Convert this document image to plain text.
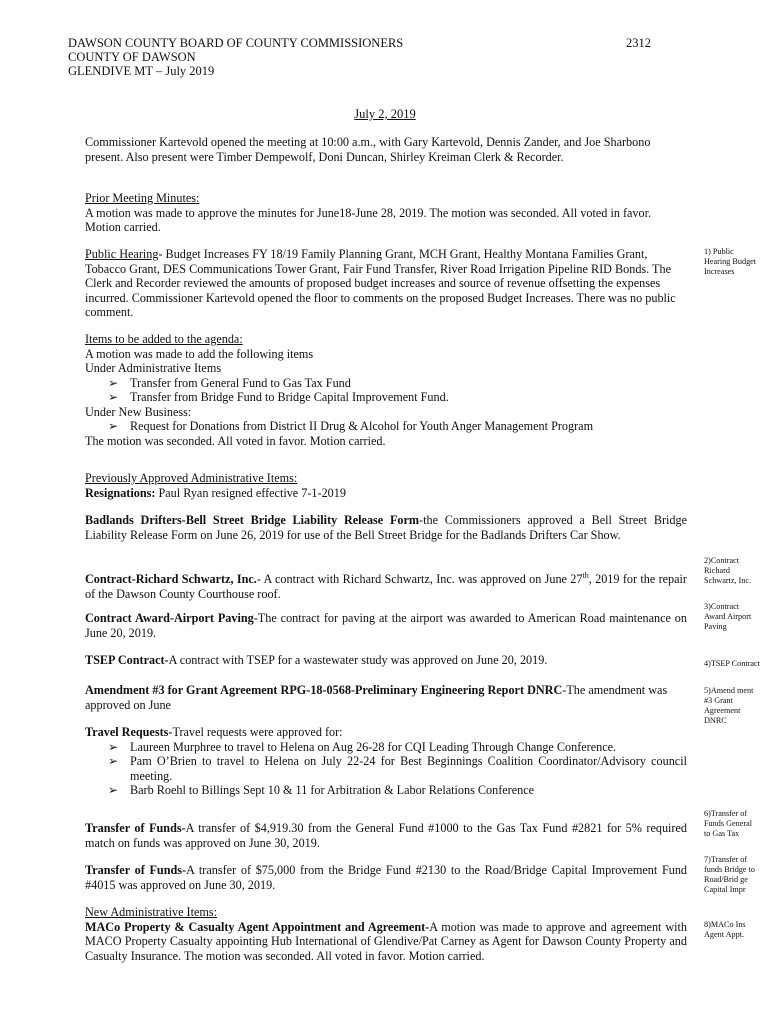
DAWSON COUNTY BOARD OF COUNTY COMMISSIONERS
COUNTY OF DAWSON
GLENDIVE MT – July 2019
2312
July 2, 2019

Commissioner Kartevold opened the meeting at 10:00 a.m., with Gary Kartevold, Dennis Zander, and Joe Sharbono present. Also present were Timber Dempewolf, Doni Duncan, Shirley Kreiman Clerk & Recorder.

Prior Meeting Minutes:

A motion was made to approve the minutes for June18-June 28, 2019. The motion was seconded. All voted in favor. Motion carried.

Public Hearing- Budget Increases FY 18/19 Family Planning Grant, MCH Grant, Healthy Montana Families Grant, Tobacco Grant, DES Communications Tower Grant, Fair Fund Transfer, River Road Irrigation Pipeline RID Bonds. The Clerk and Recorder reviewed the amounts of proposed budget increases and source of revenue offsetting the expenses incurred. Commissioner Kartevold opened the floor to comments on the proposed Budget Increases. There was no public comment.

Items to be added to the agenda:

A motion was made to add the following items

Under Administrative Items

➢ Transfer from General Fund to Gas Tax Fund

➢ Transfer from Bridge Fund to Bridge Capital Improvement Fund.

Under New Business:

➢ Request for Donations from District II Drug & Alcohol for Youth Anger Management Program

The motion was seconded. All voted in favor. Motion carried.

Previously Approved Administrative Items:

Resignations: Paul Ryan resigned effective 7-1-2019

Badlands Drifters-Bell Street Bridge Liability Release Form-the Commissioners approved a Bell Street Bridge Liability Release Form on June 26, 2019 for use of the Bell Street Bridge for the Badlands Drifters Car Show.

Contract-Richard Schwartz, Inc.- A contract with Richard Schwartz, Inc. was approved on June 27th, 2019 for the repair of the Dawson County Courthouse roof.

Contract Award-Airport Paving-The contract for paving at the airport was awarded to American Road maintenance on June 20, 2019.

TSEP Contract-A contract with TSEP for a wastewater study was approved on June 20, 2019.

Amendment #3 for Grant Agreement RPG-18-0568-Preliminary Engineering Report DNRC-The amendment was approved on June

Travel Requests-Travel requests were approved for:

➢ Laureen Murphree to travel to Helena on Aug 26-28 for CQI Leading Through Change Conference.

➢ Pam O’Brien to travel to Helena on July 22-24 for Best Beginnings Coalition Coordinator/Advisory council meeting.

➢ Barb Roehl to Billings Sept 10 & 11 for Arbitration & Labor Relations Conference

Transfer of Funds-A transfer of $4,919.30 from the General Fund #1000 to the Gas Tax Fund #2821 for 5% required match on funds was approved on June 30, 2019.

Transfer of Funds-A transfer of $75,000 from the Bridge Fund #2130 to the Road/Bridge Capital Improvement Fund #4015 was approved on June 30, 2019.

New Administrative Items:

MACo Property & Casualty Agent Appointment and Agreement-A motion was made to approve and agreement with MACO Property Casualty appointing Hub International of Glendive/Pat Carney as Agent for Dawson County Property and Casualty Insurance. The motion was seconded. All voted in favor. Motion carried.

1) Public Hearing Budget Increases
2)Contract Richard Schwartz, Inc.
3)Contract Award Airport Paving
4)TSEP Contract
5)Amend ment #3 Grant Agreement DNRC
6)Transfer of Funds General to Gas Tax
7)Transfer of funds Bridge to Road/Brid ge Capital Impr
8)MACo Ins Agent Appt.
